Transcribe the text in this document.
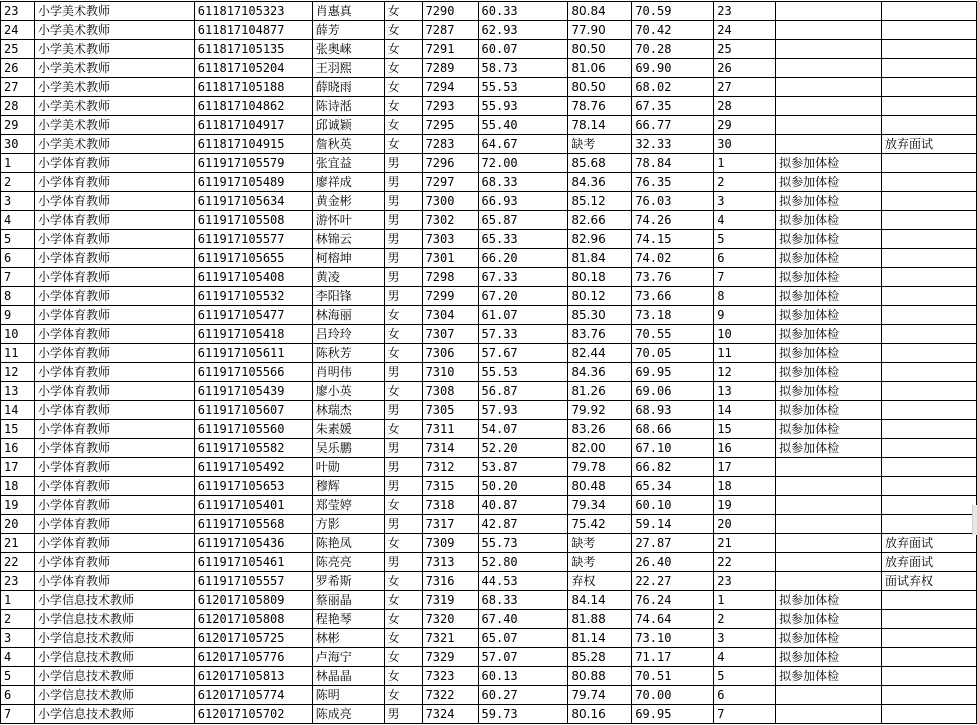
23	小学美术教师	611817105323	肖惠真	女	7290	60.33	80.84	70.59	23		
24	小学美术教师	611817104877	薛芳	女	7287	62.93	77.90	70.42	24		
25	小学美术教师	611817105135	张奥崍	女	7291	60.07	80.50	70.28	25		
26	小学美术教师	611817105204	王羽熙	女	7289	58.73	81.06	69.90	26		
27	小学美术教师	611817105188	薛晓雨	女	7294	55.53	80.50	68.02	27		
28	小学美术教师	611817104862	陈诗湉	女	7293	55.93	78.76	67.35	28		
29	小学美术教师	611817104917	邱诚颖	女	7295	55.40	78.14	66.77	29		
30	小学美术教师	611817104915	詹秋英	女	7283	64.67	缺考	32.33	30		放弃面试
1	小学体育教师	611917105579	张宜益	男	7296	72.00	85.68	78.84	1	拟参加体检	
2	小学体育教师	611917105489	廖祥成	男	7297	68.33	84.36	76.35	2	拟参加体检	
3	小学体育教师	611917105634	黄金彬	男	7300	66.93	85.12	76.03	3	拟参加体检	
4	小学体育教师	611917105508	游怀叶	男	7302	65.87	82.66	74.26	4	拟参加体检	
5	小学体育教师	611917105577	林锦云	男	7303	65.33	82.96	74.15	5	拟参加体检	
6	小学体育教师	611917105655	柯榕坤	男	7301	66.20	81.84	74.02	6	拟参加体检	
7	小学体育教师	611917105408	黄凌	男	7298	67.33	80.18	73.76	7	拟参加体检	
8	小学体育教师	611917105532	李阳锋	男	7299	67.20	80.12	73.66	8	拟参加体检	
9	小学体育教师	611917105477	林海丽	女	7304	61.07	85.30	73.18	9	拟参加体检	
10	小学体育教师	611917105418	吕玲玲	女	7307	57.33	83.76	70.55	10	拟参加体检	
11	小学体育教师	611917105611	陈秋芳	女	7306	57.67	82.44	70.05	11	拟参加体检	
12	小学体育教师	611917105566	肖明伟	男	7310	55.53	84.36	69.95	12	拟参加体检	
13	小学体育教师	611917105439	廖小英	女	7308	56.87	81.26	69.06	13	拟参加体检	
14	小学体育教师	611917105607	林瑞杰	男	7305	57.93	79.92	68.93	14	拟参加体检	
15	小学体育教师	611917105560	朱素媛	女	7311	54.07	83.26	68.66	15	拟参加体检	
16	小学体育教师	611917105582	吴乐鹏	男	7314	52.20	82.00	67.10	16	拟参加体检	
17	小学体育教师	611917105492	叶勋	男	7312	53.87	79.78	66.82	17		
18	小学体育教师	611917105653	穆辉	男	7315	50.20	80.48	65.34	18		
19	小学体育教师	611917105401	郑莹婷	女	7318	40.87	79.34	60.10	19		
20	小学体育教师	611917105568	方影	男	7317	42.87	75.42	59.14	20		
21	小学体育教师	611917105436	陈艳凤	女	7309	55.73	缺考	27.87	21		放弃面试
22	小学体育教师	611917105461	陈亮亮	男	7313	52.80	缺考	26.40	22		放弃面试
23	小学体育教师	611917105557	罗希斯	女	7316	44.53	弃权	22.27	23		面试弃权
1	小学信息技术教师	612017105809	蔡丽晶	女	7319	68.33	84.14	76.24	1	拟参加体检	
2	小学信息技术教师	612017105808	程艳琴	女	7320	67.40	81.88	74.64	2	拟参加体检	
3	小学信息技术教师	612017105725	林彬	女	7321	65.07	81.14	73.10	3	拟参加体检	
4	小学信息技术教师	612017105776	卢海宁	女	7329	57.07	85.28	71.17	4	拟参加体检	
5	小学信息技术教师	612017105813	林晶晶	女	7323	60.13	80.88	70.51	5	拟参加体检	
6	小学信息技术教师	612017105774	陈明	女	7322	60.27	79.74	70.00	6		
7	小学信息技术教师	612017105702	陈成亮	男	7324	59.73	80.16	69.95	7		
